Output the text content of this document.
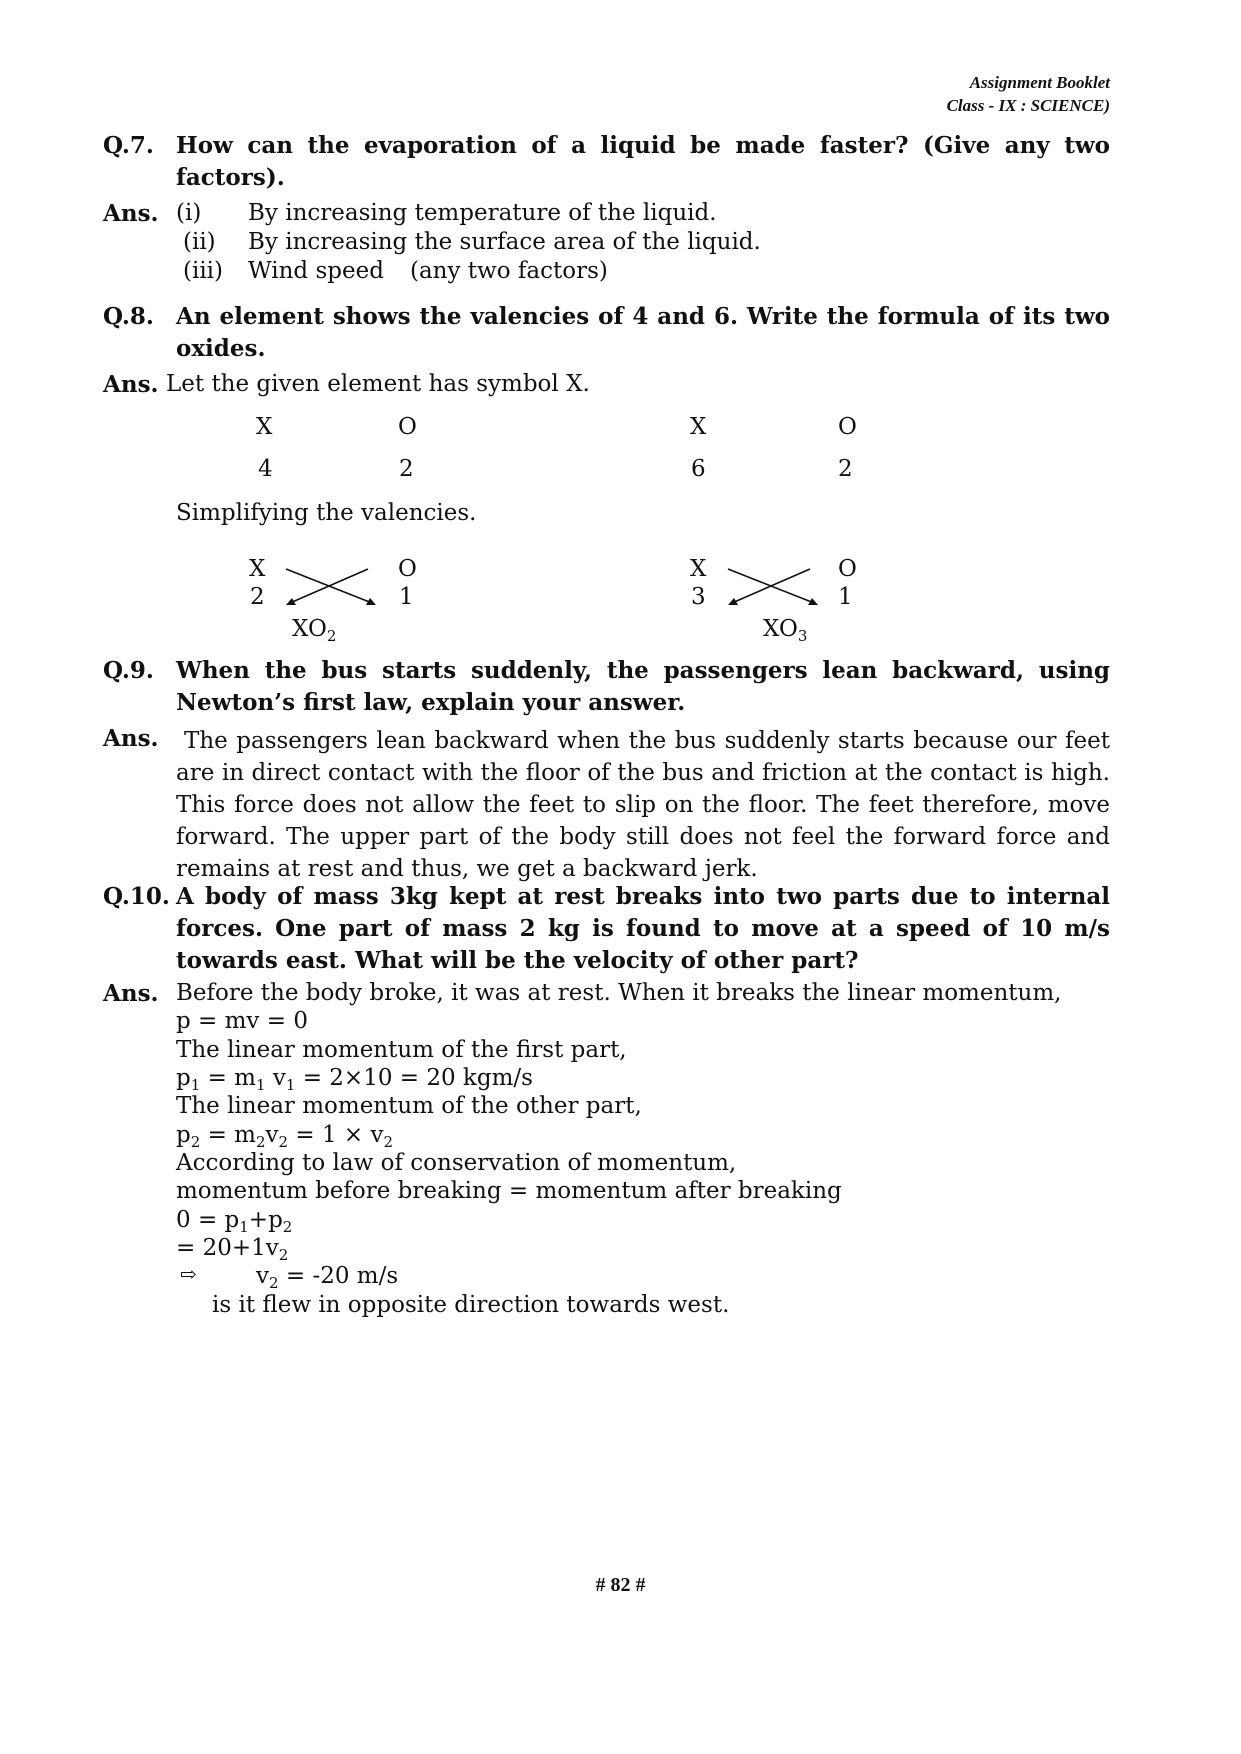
Assignment Booklet
Class - IX : SCIENCE)
Q.7. How can the evaporation of a liquid be made faster? (Give any two factors).
Ans. (i) By increasing temperature of the liquid.
(ii) By increasing the surface area of the liquid.
(iii) Wind speed (any two factors)
Q.8. An element shows the valencies of 4 and 6. Write the formula of its two oxides.
Ans. Let the given element has symbol X.
X	O	X	O
4	2	6	2
Simplifying the valencies.
X	O
2	1
$XO_2$
X	O
3	1
$XO_3$
Q.9. When the bus starts suddenly, the passengers lean backward, using Newton’s first law, explain your answer.
Ans.	The passengers lean backward when the bus suddenly starts because our feet are in direct contact with the floor of the bus and friction at the contact is high. This force does not allow the feet to slip on the floor. The feet therefore, move forward. The upper part of the body still does not feel the forward force and remains at rest and thus, we get a backward jerk.
Q.10. A body of mass 3kg kept at rest breaks into two parts due to internal forces. One part of mass 2 kg is found to move at a speed of 10 m/s towards east. What will be the velocity of other part?
Ans. Before the body broke, it was at rest. When it breaks the linear momentum,
p = mv = 0
The linear momentum of the first part,
$p_1 = m_1$ $v_1 = 2\times 10 = 20$ kgm/s
The linear momentum of the other part,
$p_2 = m_2v_2 = 1 \times v_2$
According to law of conservation of momentum,
momentum before breaking = momentum after breaking
$0 = p_1+p_2$
= $20+1v_2$
⇨	$v_2 = -20$ m/s
is it flew in opposite direction towards west.
# 82 #
